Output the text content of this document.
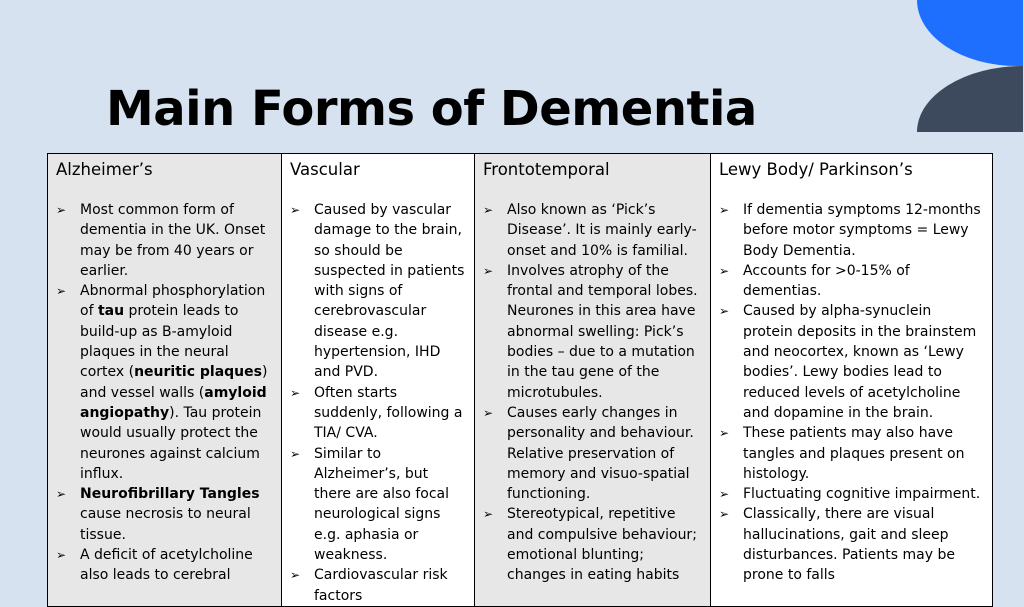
Main Forms of Dementia

Alzheimer’s

➢ Most common form of dementia in the UK. Onset may be from 40 years or earlier.
➢ Abnormal phosphorylation of tau protein leads to build-up as B-amyloid plaques in the neural cortex (neuritic plaques) and vessel walls (amyloid angiopathy). Tau protein would usually protect the neurones against calcium influx.
➢ Neurofibrillary Tangles cause necrosis to neural tissue.
➢ A deficit of acetylcholine also leads to cerebral

Vascular

➢ Caused by vascular damage to the brain, so should be suspected in patients with signs of cerebrovascular disease e.g. hypertension, IHD and PVD.
➢ Often starts suddenly, following a TIA/ CVA.
➢ Similar to Alzheimer’s, but there are also focal neurological signs e.g. aphasia or weakness.
➢ Cardiovascular risk factors

Frontotemporal

➢ Also known as ‘Pick’s Disease’. It is mainly early-onset and 10% is familial.
➢ Involves atrophy of the frontal and temporal lobes. Neurones in this area have abnormal swelling: Pick’s bodies – due to a mutation in the tau gene of the microtubules.
➢ Causes early changes in personality and behaviour. Relative preservation of memory and visuo-spatial functioning.
➢ Stereotypical, repetitive and compulsive behaviour; emotional blunting; changes in eating habits

Lewy Body/ Parkinson’s

➢ If dementia symptoms 12-months before motor symptoms = Lewy Body Dementia.
➢ Accounts for >0-15% of dementias.
➢ Caused by alpha-synuclein protein deposits in the brainstem and neocortex, known as ‘Lewy bodies’. Lewy bodies lead to reduced levels of acetylcholine and dopamine in the brain.
➢ These patients may also have tangles and plaques present on histology.
➢ Fluctuating cognitive impairment.
➢ Classically, there are visual hallucinations, gait and sleep disturbances. Patients may be prone to falls
